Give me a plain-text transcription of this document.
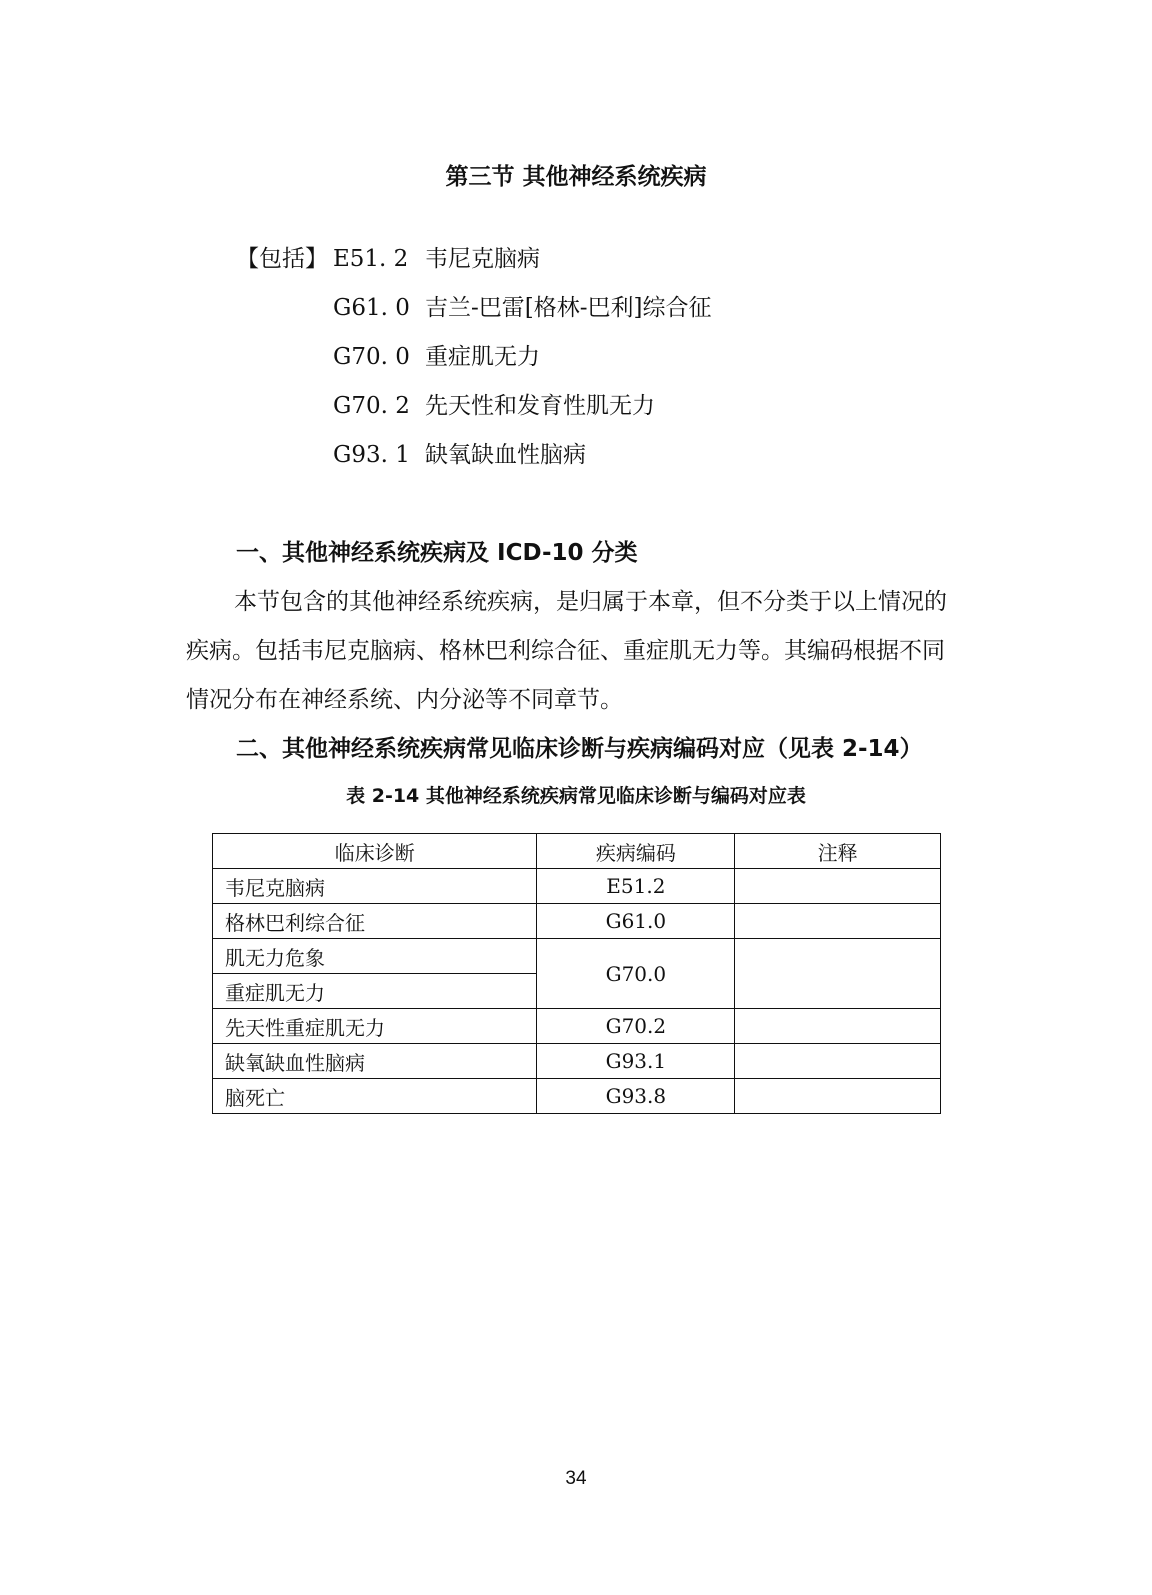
第三节 其他神经系统疾病
【包括】 E51. 2 韦尼克脑病
G61. 0 吉兰-巴雷[格林-巴利]综合征
G70. 0 重症肌无力
G70. 2 先天性和发育性肌无力
G93. 1 缺氧缺血性脑病
一、其他神经系统疾病及 ICD-10 分类
本节包含的其他神经系统疾病，是归属于本章，但不分类于以上情况的疾病。包括韦尼克脑病、格林巴利综合征、重症肌无力等。其编码根据不同情况分布在神经系统、内分泌等不同章节。
二、其他神经系统疾病常见临床诊断与疾病编码对应（见表 2-14）
表 2-14 其他神经系统疾病常见临床诊断与编码对应表
临床诊断	疾病编码	注释
韦尼克脑病	E51.2	
格林巴利综合征	G61.0	
肌无力危象	G70.0	
重症肌无力		
先天性重症肌无力	G70.2	
缺氧缺血性脑病	G93.1	
脑死亡	G93.8	
34
